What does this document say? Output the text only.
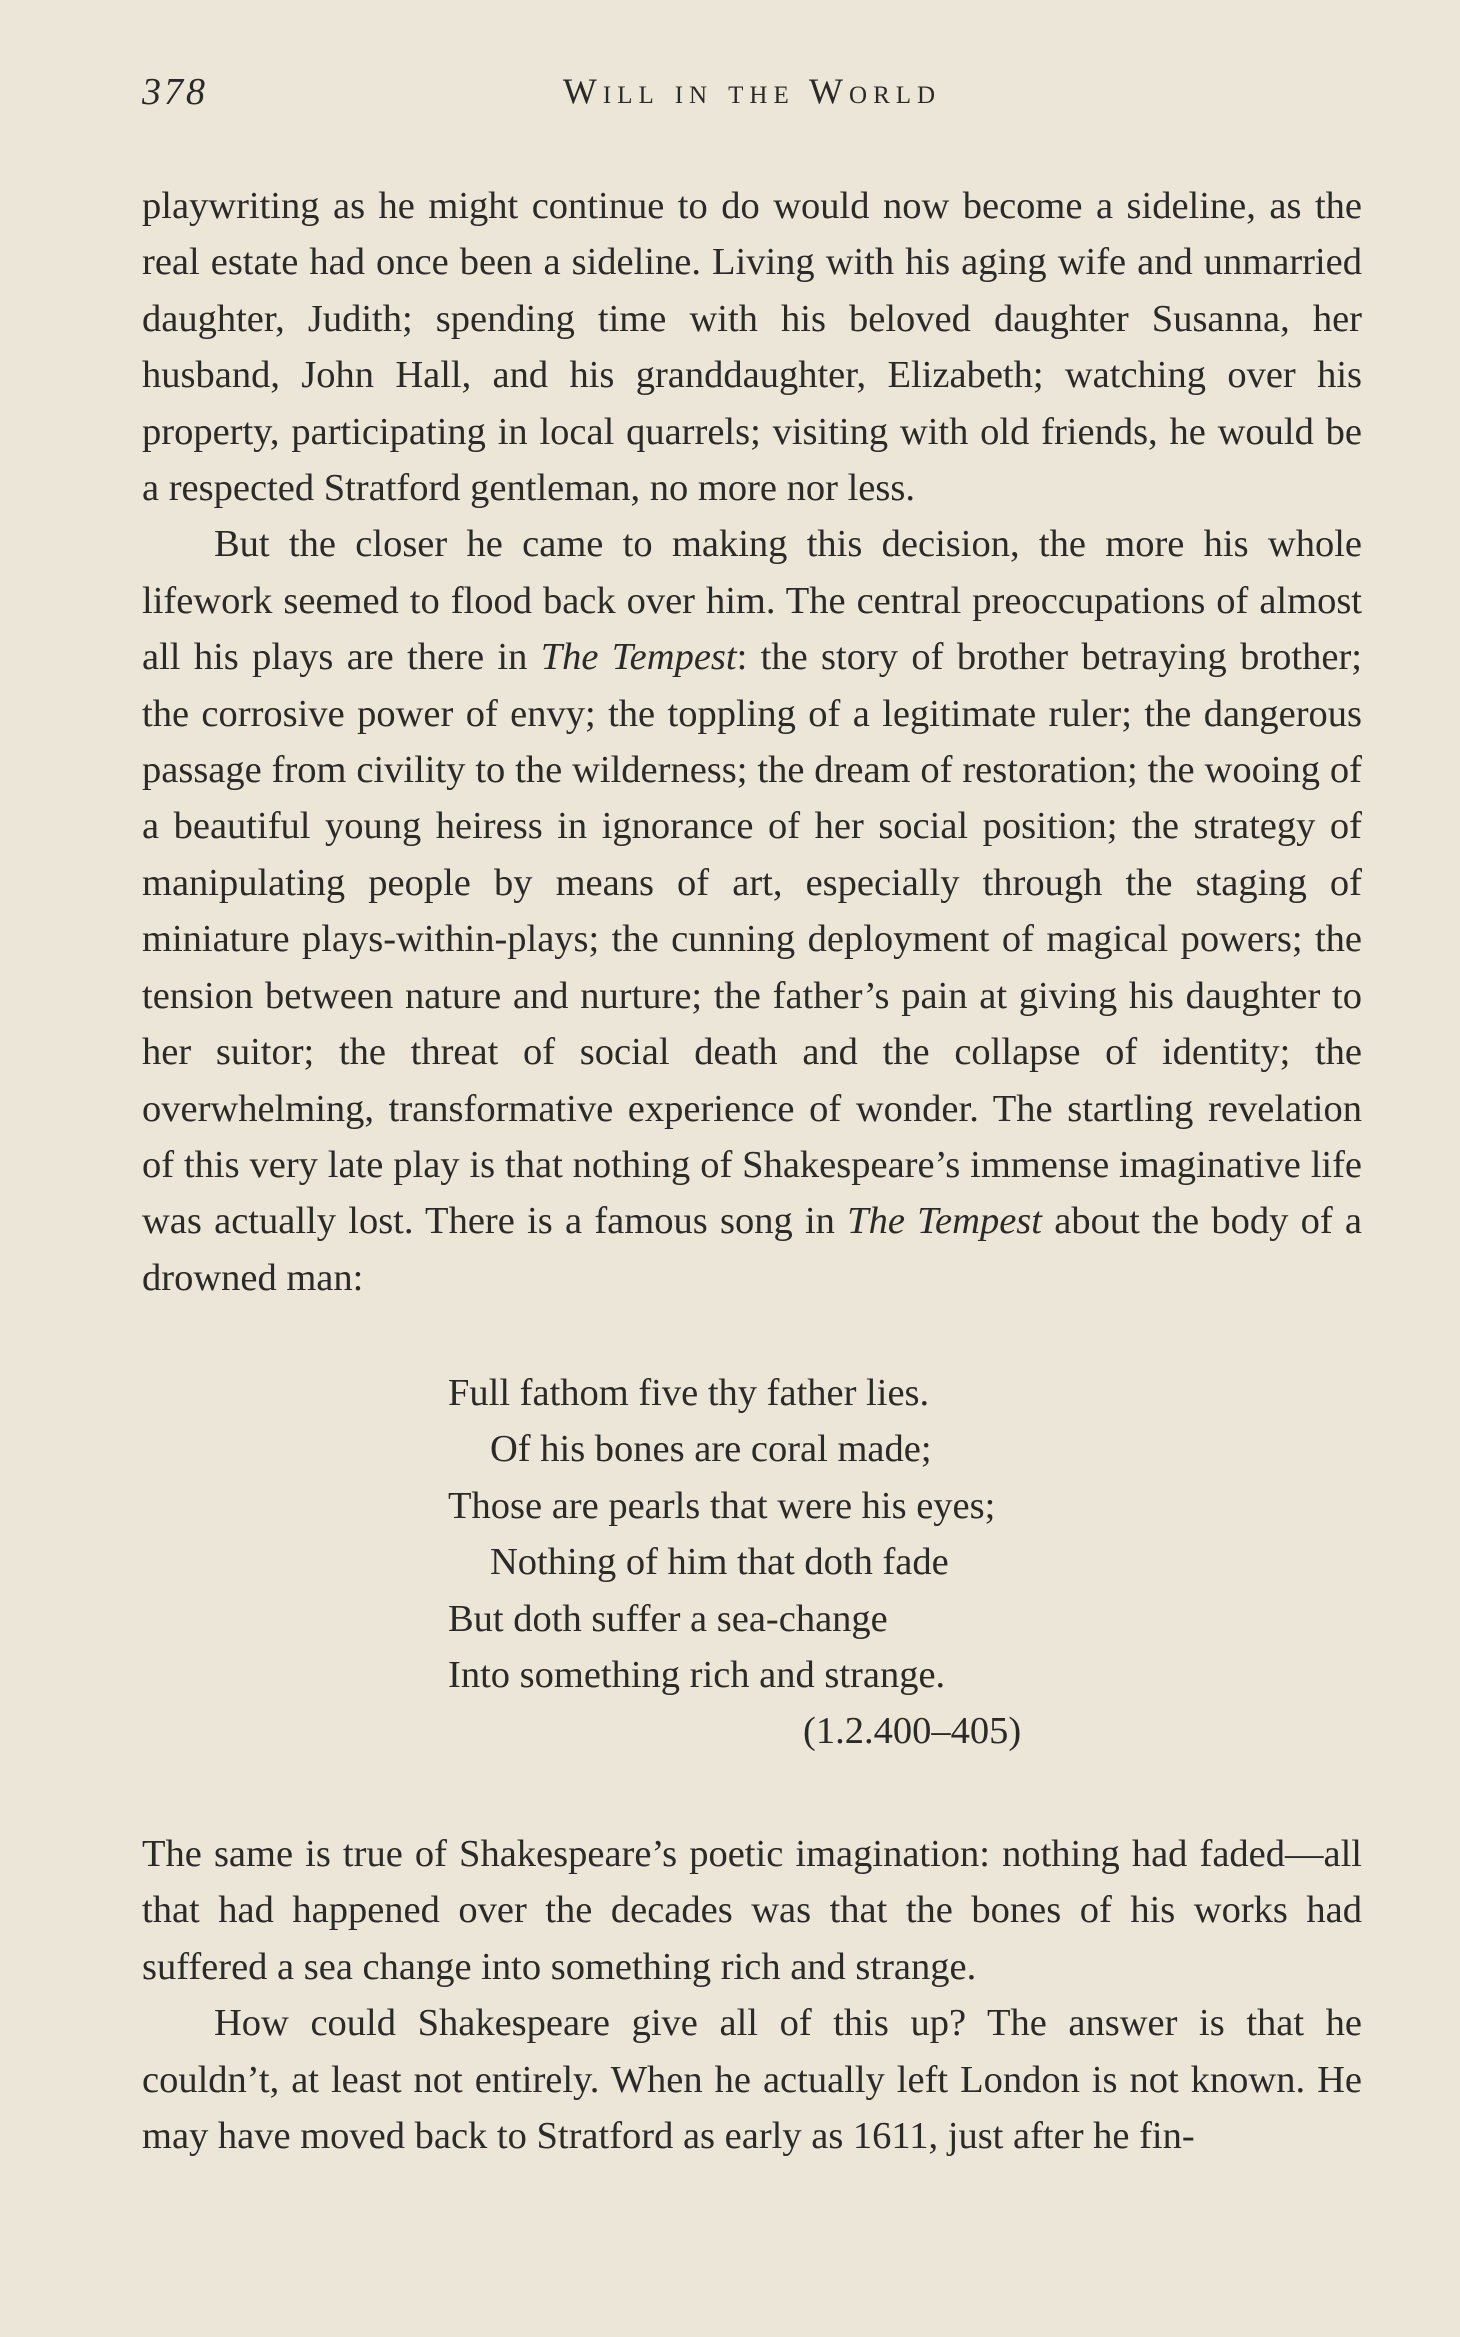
378	Will in the World

playwriting as he might continue to do would now become a sideline, as the real estate had once been a sideline. Living with his aging wife and unmarried daughter, Judith; spending time with his beloved daughter Susanna, her husband, John Hall, and his granddaughter, Elizabeth; watching over his property, participating in local quarrels; visiting with old friends, he would be a respected Stratford gentleman, no more nor less.

But the closer he came to making this decision, the more his whole lifework seemed to flood back over him. The central preoccupations of almost all his plays are there in The Tempest: the story of brother betraying brother; the corrosive power of envy; the toppling of a legitimate ruler; the dangerous passage from civility to the wilderness; the dream of restoration; the wooing of a beautiful young heiress in ignorance of her social position; the strategy of manipulating people by means of art, especially through the staging of miniature plays-within-plays; the cunning deployment of magical powers; the tension between nature and nurture; the father’s pain at giving his daughter to her suitor; the threat of social death and the collapse of identity; the overwhelming, transformative experience of wonder. The startling revelation of this very late play is that nothing of Shakespeare’s immense imaginative life was actually lost. There is a famous song in The Tempest about the body of a drowned man:

Full fathom five thy father lies.
Of his bones are coral made;
Those are pearls that were his eyes;
Nothing of him that doth fade
But doth suffer a sea-change
Into something rich and strange.
(1.2.400–405)

The same is true of Shakespeare’s poetic imagination: nothing had faded—all that had happened over the decades was that the bones of his works had suffered a sea change into something rich and strange.

How could Shakespeare give all of this up? The answer is that he couldn’t, at least not entirely. When he actually left London is not known. He may have moved back to Stratford as early as 1611, just after he fin-
